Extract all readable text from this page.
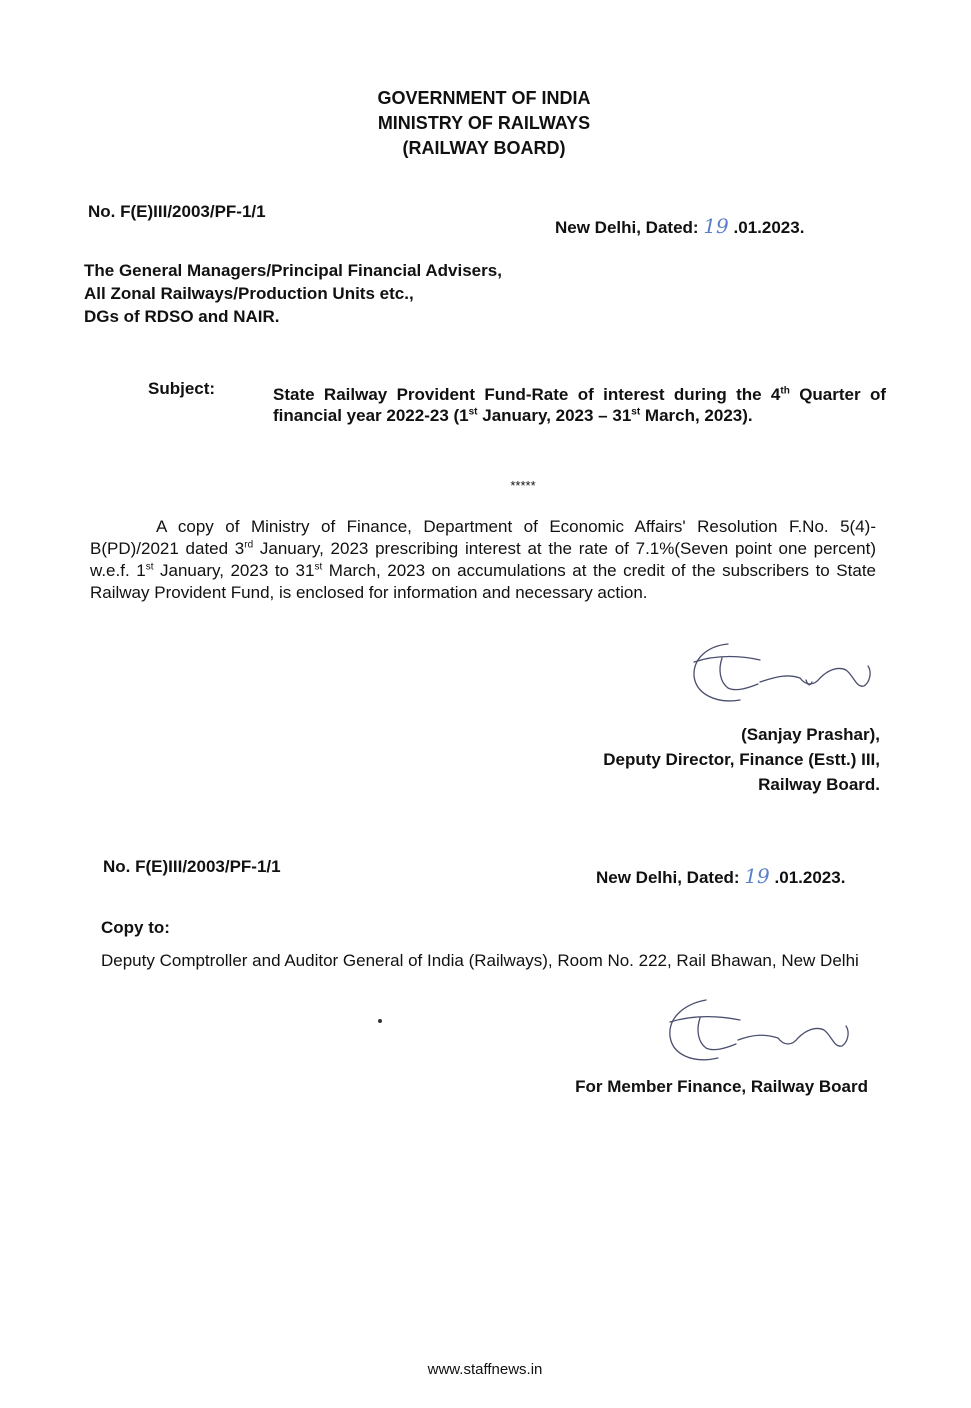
GOVERNMENT OF INDIA
MINISTRY OF RAILWAYS
(RAILWAY BOARD)
No. F(E)III/2003/PF-1/1
New Delhi, Dated: 19 .01.2023.
The General Managers/Principal Financial Advisers,
All Zonal Railways/Production Units etc.,
DGs of RDSO and NAIR.
Subject:	State Railway Provident Fund-Rate of interest during the 4th Quarter of financial year 2022-23 (1st January, 2023 – 31st March, 2023).
*****
A copy of Ministry of Finance, Department of Economic Affairs' Resolution F.No. 5(4)-B(PD)/2021 dated 3rd January, 2023 prescribing interest at the rate of 7.1%(Seven point one percent) w.e.f. 1st January, 2023 to 31st March, 2023 on accumulations at the credit of the subscribers to State Railway Provident Fund, is enclosed for information and necessary action.
(Sanjay Prashar),
Deputy Director, Finance (Estt.) III,
Railway Board.
No. F(E)III/2003/PF-1/1
New Delhi, Dated: 19 .01.2023.
Copy to:
Deputy Comptroller and Auditor General of India (Railways), Room No. 222, Rail Bhawan, New Delhi
For Member Finance, Railway Board
www.staffnews.in
